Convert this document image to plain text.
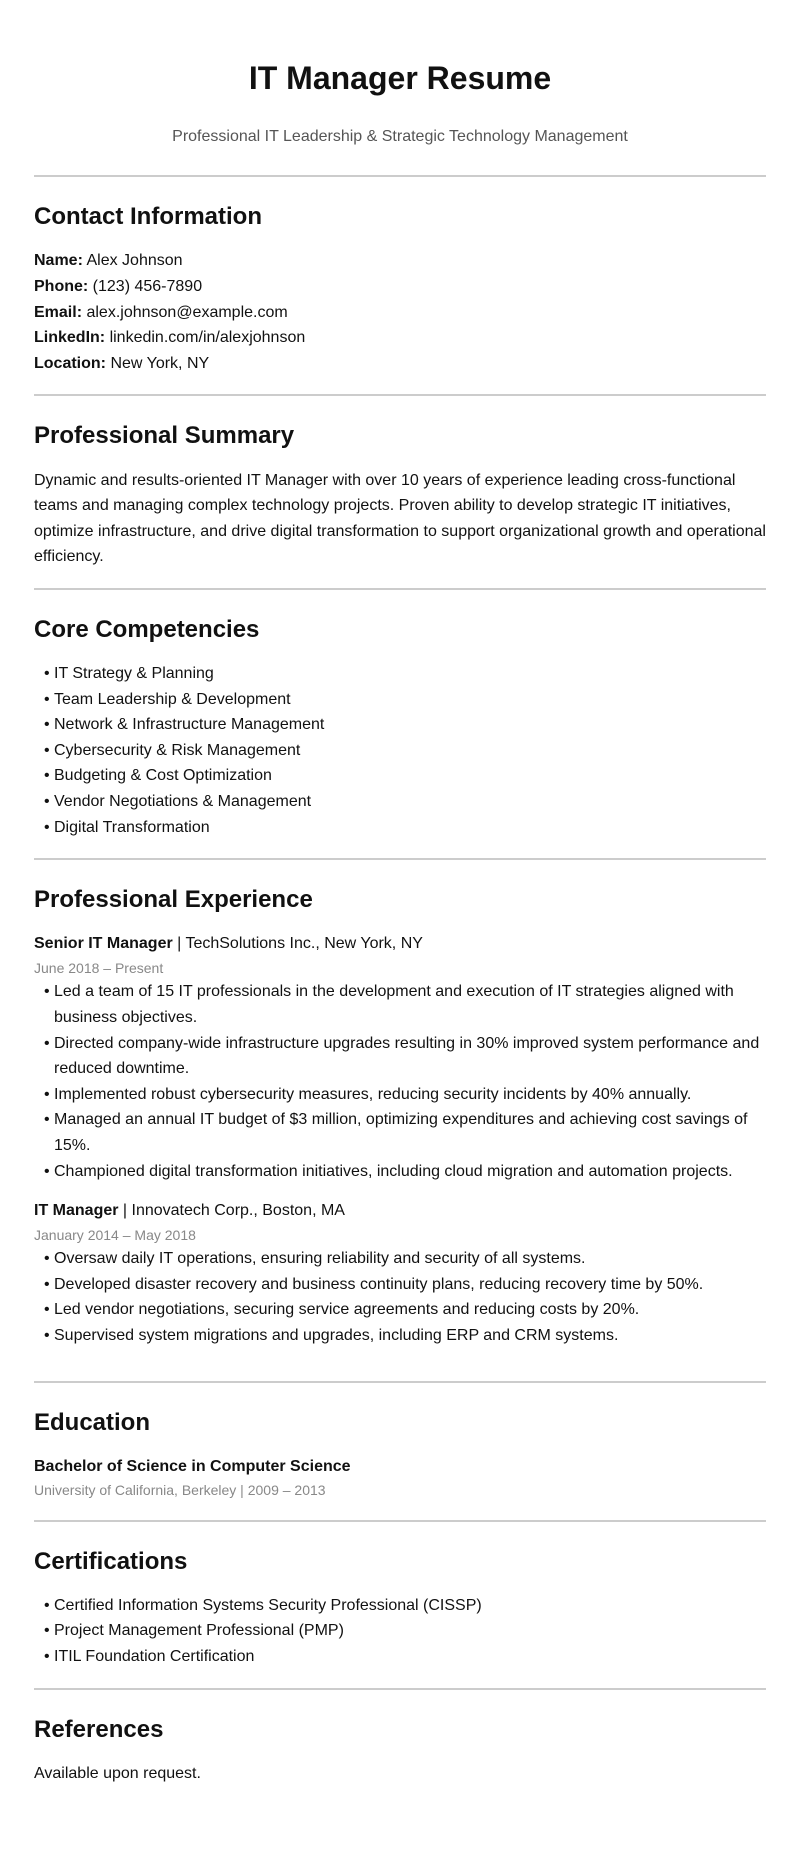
IT Manager Resume
Professional IT Leadership & Strategic Technology Management
Contact Information
Name: Alex Johnson
Phone: (123) 456-7890
Email: alex.johnson@example.com
LinkedIn: linkedin.com/in/alexjohnson
Location: New York, NY
Professional Summary

Dynamic and results-oriented IT Manager with over 10 years of experience leading cross-functional teams and managing complex technology projects. Proven ability to develop strategic IT initiatives, optimize infrastructure, and drive digital transformation to support organizational growth and operational efficiency.

Core Competencies
• IT Strategy & Planning
• Team Leadership & Development
• Network & Infrastructure Management
• Cybersecurity & Risk Management
• Budgeting & Cost Optimization
• Vendor Negotiations & Management
• Digital Transformation
Professional Experience
Senior IT Manager | TechSolutions Inc., New York, NY
June 2018 – Present
• Led a team of 15 IT professionals in the development and execution of IT strategies aligned with business objectives.
• Directed company-wide infrastructure upgrades resulting in 30% improved system performance and reduced downtime.
• Implemented robust cybersecurity measures, reducing security incidents by 40% annually.
• Managed an annual IT budget of $3 million, optimizing expenditures and achieving cost savings of 15%.
• Championed digital transformation initiatives, including cloud migration and automation projects.
IT Manager | Innovatech Corp., Boston, MA
January 2014 – May 2018
• Oversaw daily IT operations, ensuring reliability and security of all systems.
• Developed disaster recovery and business continuity plans, reducing recovery time by 50%.
• Led vendor negotiations, securing service agreements and reducing costs by 20%.
• Supervised system migrations and upgrades, including ERP and CRM systems.
Education
Bachelor of Science in Computer Science
University of California, Berkeley | 2009 – 2013
Certifications
• Certified Information Systems Security Professional (CISSP)
• Project Management Professional (PMP)
• ITIL Foundation Certification
References

Available upon request.
